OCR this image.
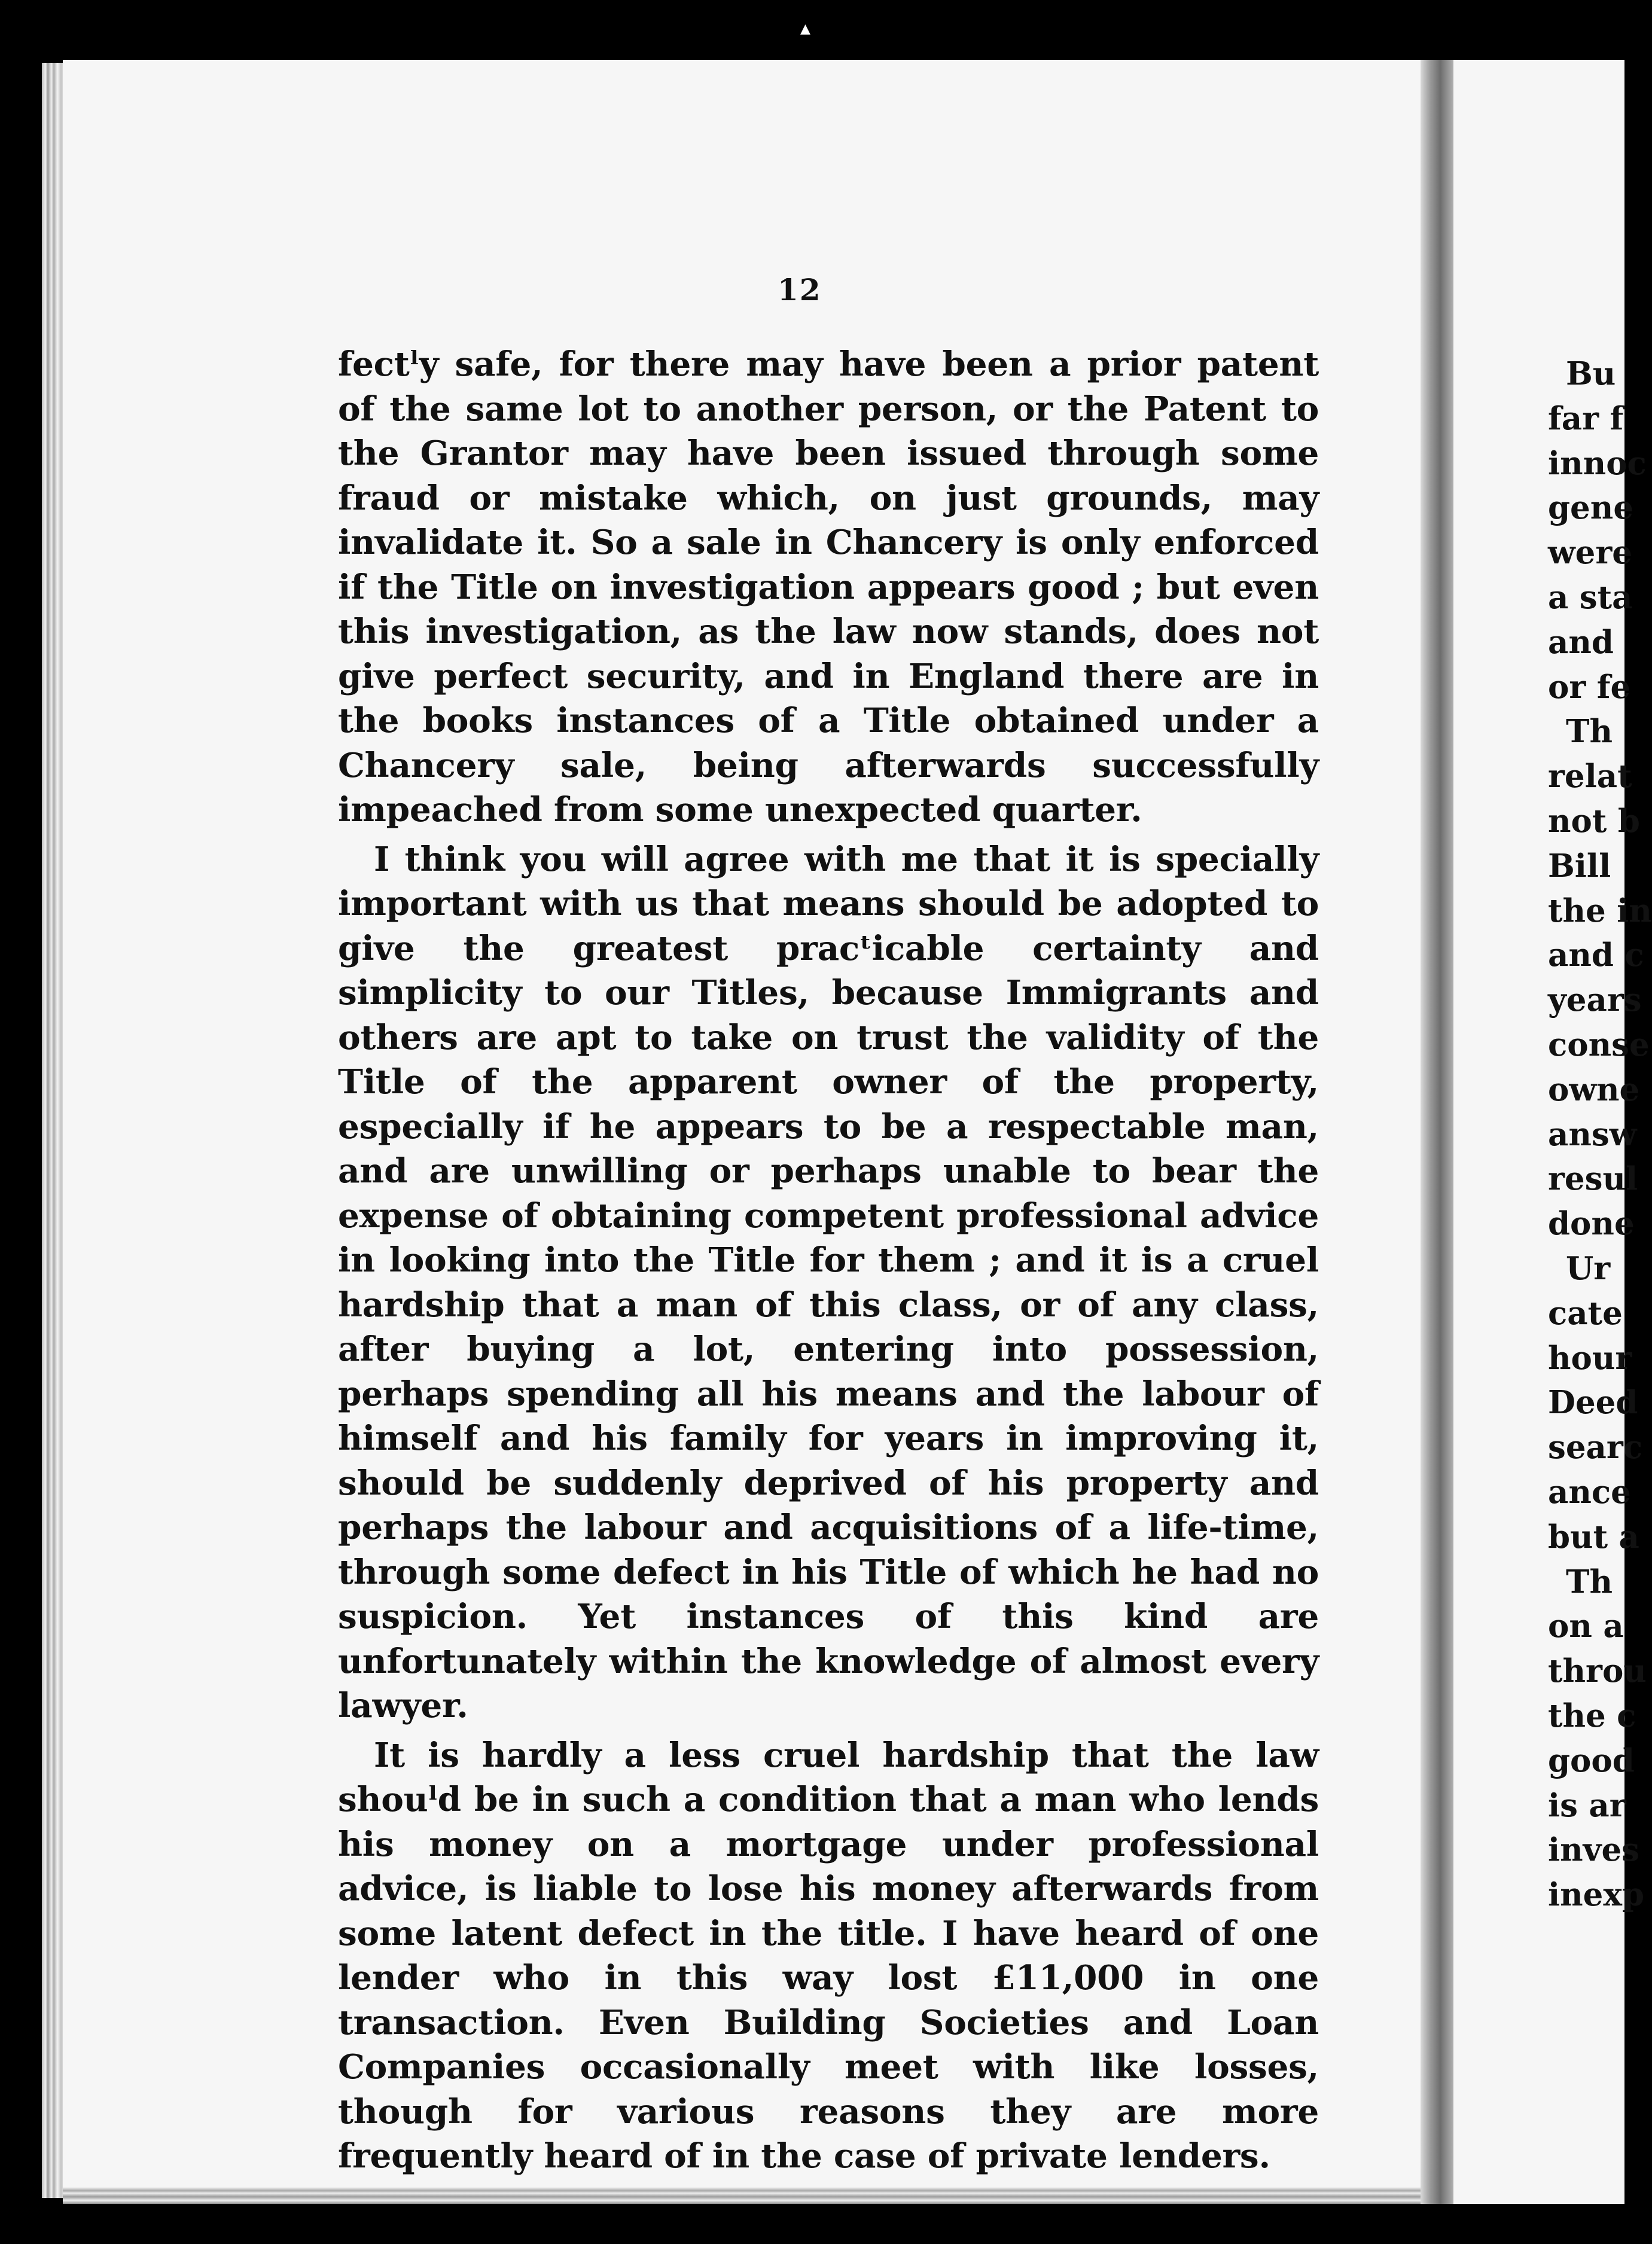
▲
12

fectˡy safe, for there may have been a prior patent of the same lot to another person, or the Patent to the Grantor may have been issued through some fraud or mistake which, on just grounds, may invalidate it. So a sale in Chancery is only enforced if the Title on investigation appears good ; but even this investigation, as the law now stands, does not give perfect security, and in England there are in the books instances of a Title obtained under a Chancery sale, being afterwards successfully impeached from some unexpected quarter.

I think you will agree with me that it is specially important with us that means should be adopted to give the greatest pracᵗicable certainty and simplicity to our Titles, because Immigrants and others are apt to take on trust the validity of the Title of the apparent owner of the property, especially if he appears to be a respectable man, and are unwilling or perhaps unable to bear the expense of obtaining competent professional advice in looking into the Title for them ; and it is a cruel hardship that a man of this class, or of any class, after buying a lot, entering into possession, perhaps spending all his means and the labour of himself and his family for years in improving it, should be suddenly deprived of his property and perhaps the labour and acquisitions of a life-time, through some defect in his Title of which he had no suspicion. Yet instances of this kind are unfortunately within the knowledge of almost every lawyer.

It is hardly a less cruel hardship that the law shouˡd be in such a condition that a man who lends his money on a mortgage under professional advice, is liable to lose his money afterwards from some latent defect in the title. I have heard of one lender who in this way lost £11,000 in one transaction. Even Building Societies and Loan Companies occasionally meet with like losses, though for various reasons they are more frequently heard of in the case of private lenders.

Bu
far f
innoc
gene
were
a sta
and
or fe
Th
relat
not b
Bill
the in
and c
years
conse
owne
answ
resul
done
Ur
cate
hour
Deed
searc
ance
but a
Th
on a
throu
the c
good
is ar
inves
inexp
